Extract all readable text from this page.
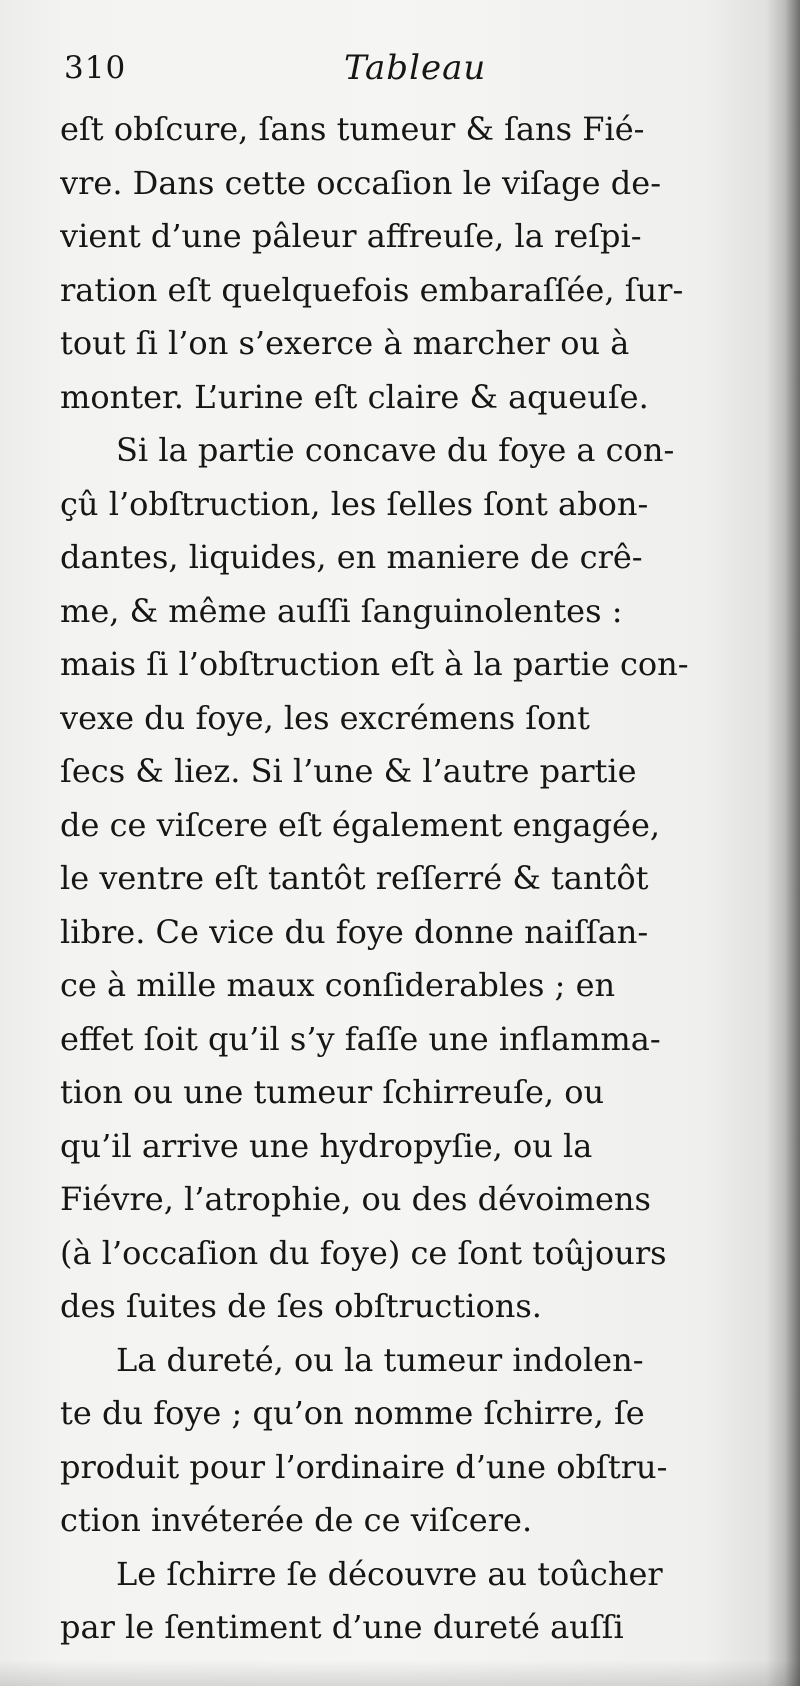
310	Tableau
eſt obſcure, ſans tumeur & ſans Fié-
vre. Dans cette occaſion le viſage de-
vient d’une pâleur affreuſe, la reſpi-
ration eſt quelquefois embaraſſée, ſur-
tout ſi l’on s’exerce à marcher ou à
monter. L’urine eſt claire & aqueuſe.
Si la partie concave du foye a con-
çû l’obſtruction, les ſelles ſont abon-
dantes, liquides, en maniere de crê-
me, & même auſſi ſanguinolentes :
mais ſi l’obſtruction eſt à la partie con-
vexe du foye, les excrémens ſont
ſecs & liez. Si l’une & l’autre partie
de ce viſcere eſt également engagée,
le ventre eſt tantôt reſſerré & tantôt
libre. Ce vice du foye donne naiſſan-
ce à mille maux conſiderables ; en
effet ſoit qu’il s’y faſſe une inflamma-
tion ou une tumeur ſchirreuſe, ou
qu’il arrive une hydropyſie, ou la
Fiévre, l’atrophie, ou des dévoimens
(à l’occaſion du foye) ce ſont toûjours
des ſuites de ſes obſtructions.
La dureté, ou la tumeur indolen-
te du foye ; qu’on nomme ſchirre, ſe
produit pour l’ordinaire d’une obſtru-
ction invéterée de ce viſcere.
Le ſchirre ſe découvre au toûcher
par le ſentiment d’une dureté auſſi
